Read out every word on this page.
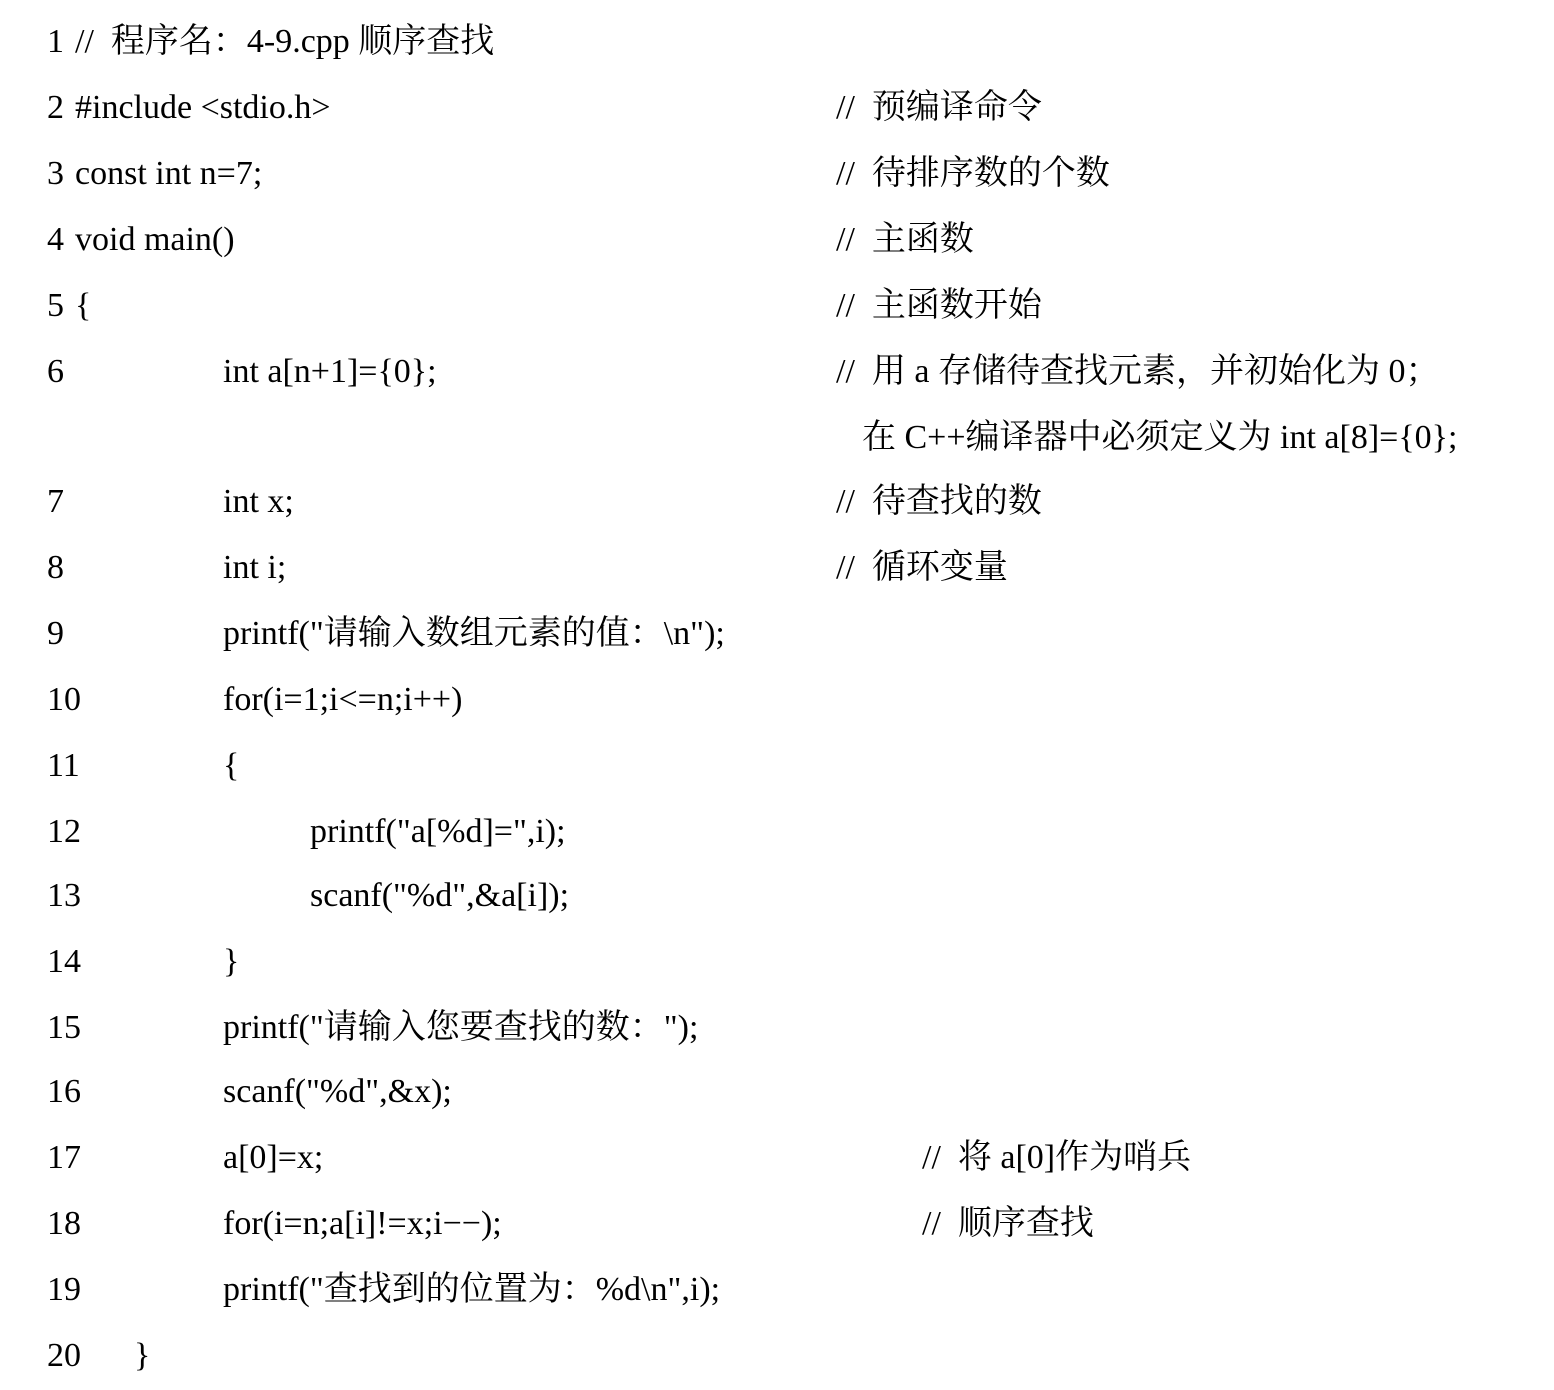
1 //  程序名：4-9.cpp 顺序查找
2 #include <stdio.h>	//  预编译命令
3 const int n=7;	//  待排序数的个数
4 void main()	//  主函数
5 {	//  主函数开始
6	int a[n+1]={0};	//  用 a 存储待查找元素，并初始化为 0；
在 C++编译器中必须定义为 int a[8]={0};
7	int x;	//  待查找的数
8	int i;	//  循环变量
9	printf("请输入数组元素的值：\n");
10	for(i=1;i<=n;i++)
11	{
12	printf("a[%d]=",i);
13	scanf("%d",&a[i]);
14	}
15	printf("请输入您要查找的数：");
16	scanf("%d",&x);
17	a[0]=x;	//  将 a[0]作为哨兵
18	for(i=n;a[i]!=x;i−−);	//  顺序查找
19	printf("查找到的位置为：%d\n",i);
20 }
